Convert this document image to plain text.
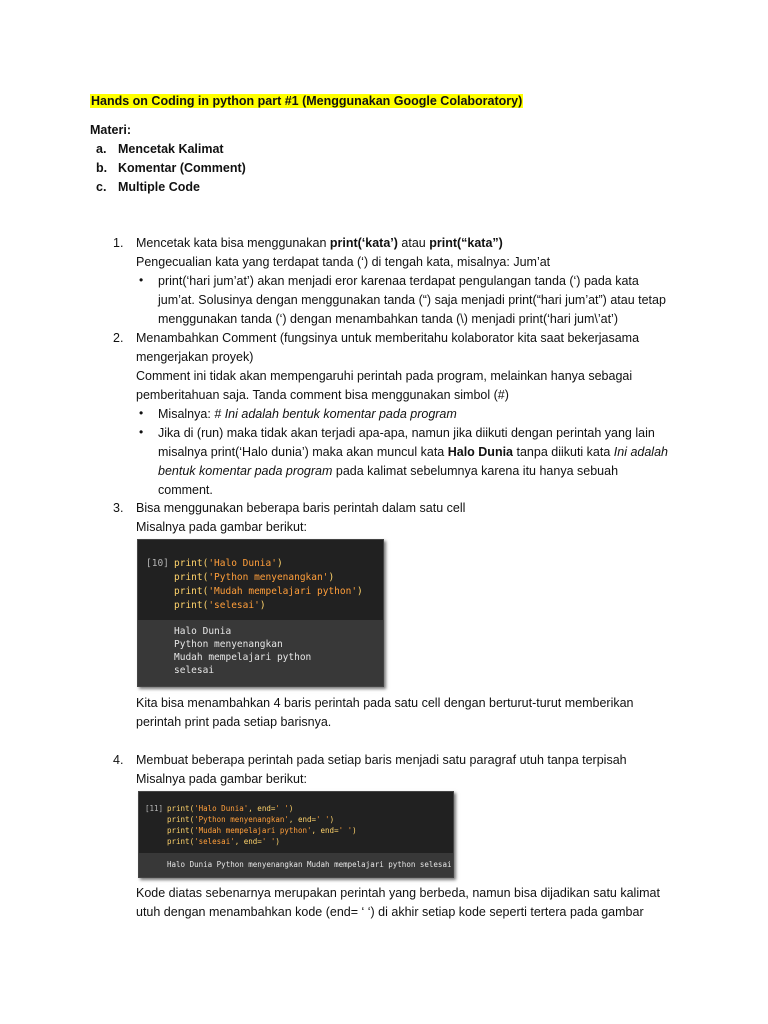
Hands on Coding in python part #1 (Menggunakan Google Colaboratory)
Materi:
a. Mencetak Kalimat
b. Komentar (Comment)
c. Multiple Code
1. Mencetak kata bisa menggunakan print(‘kata’) atau print(“kata”)
Pengecualian kata yang terdapat tanda (‘) di tengah kata, misalnya: Jum’at
• print(‘hari jum’at’) akan menjadi eror karenaa terdapat pengulangan tanda (‘) pada kata
jum’at. Solusinya dengan menggunakan tanda (“) saja menjadi print(“hari jum’at”) atau tetap
menggunakan tanda (‘) dengan menambahkan tanda (\) menjadi print(‘hari jum\’at’)
2. Menambahkan Comment (fungsinya untuk memberitahu kolaborator kita saat bekerjasama
mengerjakan proyek)
Comment ini tidak akan mempengaruhi perintah pada program, melainkan hanya sebagai
pemberitahuan saja. Tanda comment bisa menggunakan simbol (#)
• Misalnya: # Ini adalah bentuk komentar pada program
• Jika di (run) maka tidak akan terjadi apa-apa, namun jika diikuti dengan perintah yang lain
misalnya print(‘Halo dunia’) maka akan muncul kata Halo Dunia tanpa diikuti kata Ini adalah
bentuk komentar pada program pada kalimat sebelumnya karena itu hanya sebuah
comment.
3. Bisa menggunakan beberapa baris perintah dalam satu cell
Misalnya pada gambar berikut:
[10] print('Halo Dunia')
print('Python menyenangkan')
print('Mudah mempelajari python')
print('selesai')
Halo Dunia
Python menyenangkan
Mudah mempelajari python
selesai
Kita bisa menambahkan 4 baris perintah pada satu cell dengan berturut-turut memberikan
perintah print pada setiap barisnya.
4. Membuat beberapa perintah pada setiap baris menjadi satu paragraf utuh tanpa terpisah
Misalnya pada gambar berikut:
[11] print('Halo Dunia', end=' ')
print('Python menyenangkan', end=' ')
print('Mudah mempelajari python', end=' ')
print('selesai', end=' ')
Halo Dunia Python menyenangkan Mudah mempelajari python selesai
Kode diatas sebenarnya merupakan perintah yang berbeda, namun bisa dijadikan satu kalimat
utuh dengan menambahkan kode (end= ‘ ‘) di akhir setiap kode seperti tertera pada gambar
